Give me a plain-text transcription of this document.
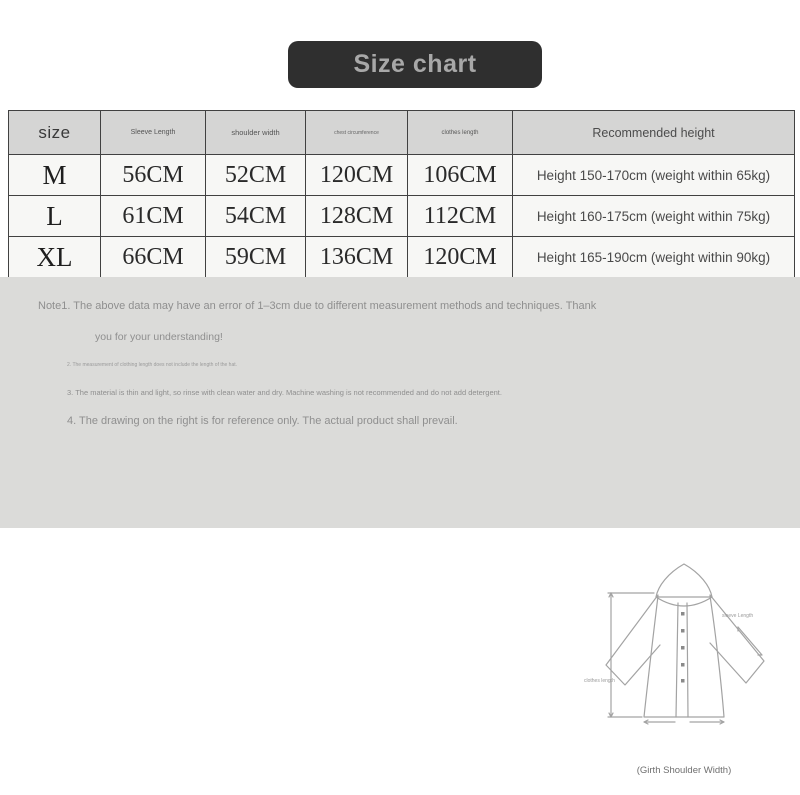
Size chart
size	Sleeve Length	shoulder width	chest circumference	clothes length	Recommended height
M	56CM	52CM	120CM	106CM	Height 150-170cm (weight within 65kg)
L	61CM	54CM	128CM	112CM	Height 160-175cm (weight within 75kg)
XL	66CM	59CM	136CM	120CM	Height 165-190cm (weight within 90kg)
Note1. The above data may have an error of 1–3cm due to different measurement methods and techniques. Thank
you for your understanding!
2. The measurement of clothing length does not include the length of the hat.
3. The material is thin and light, so rinse with clean water and dry. Machine washing is not recommended and do not add detergent.
4. The drawing on the right is for reference only. The actual product shall prevail.
sleeve Length
clothes length
(Girth Shoulder Width)
